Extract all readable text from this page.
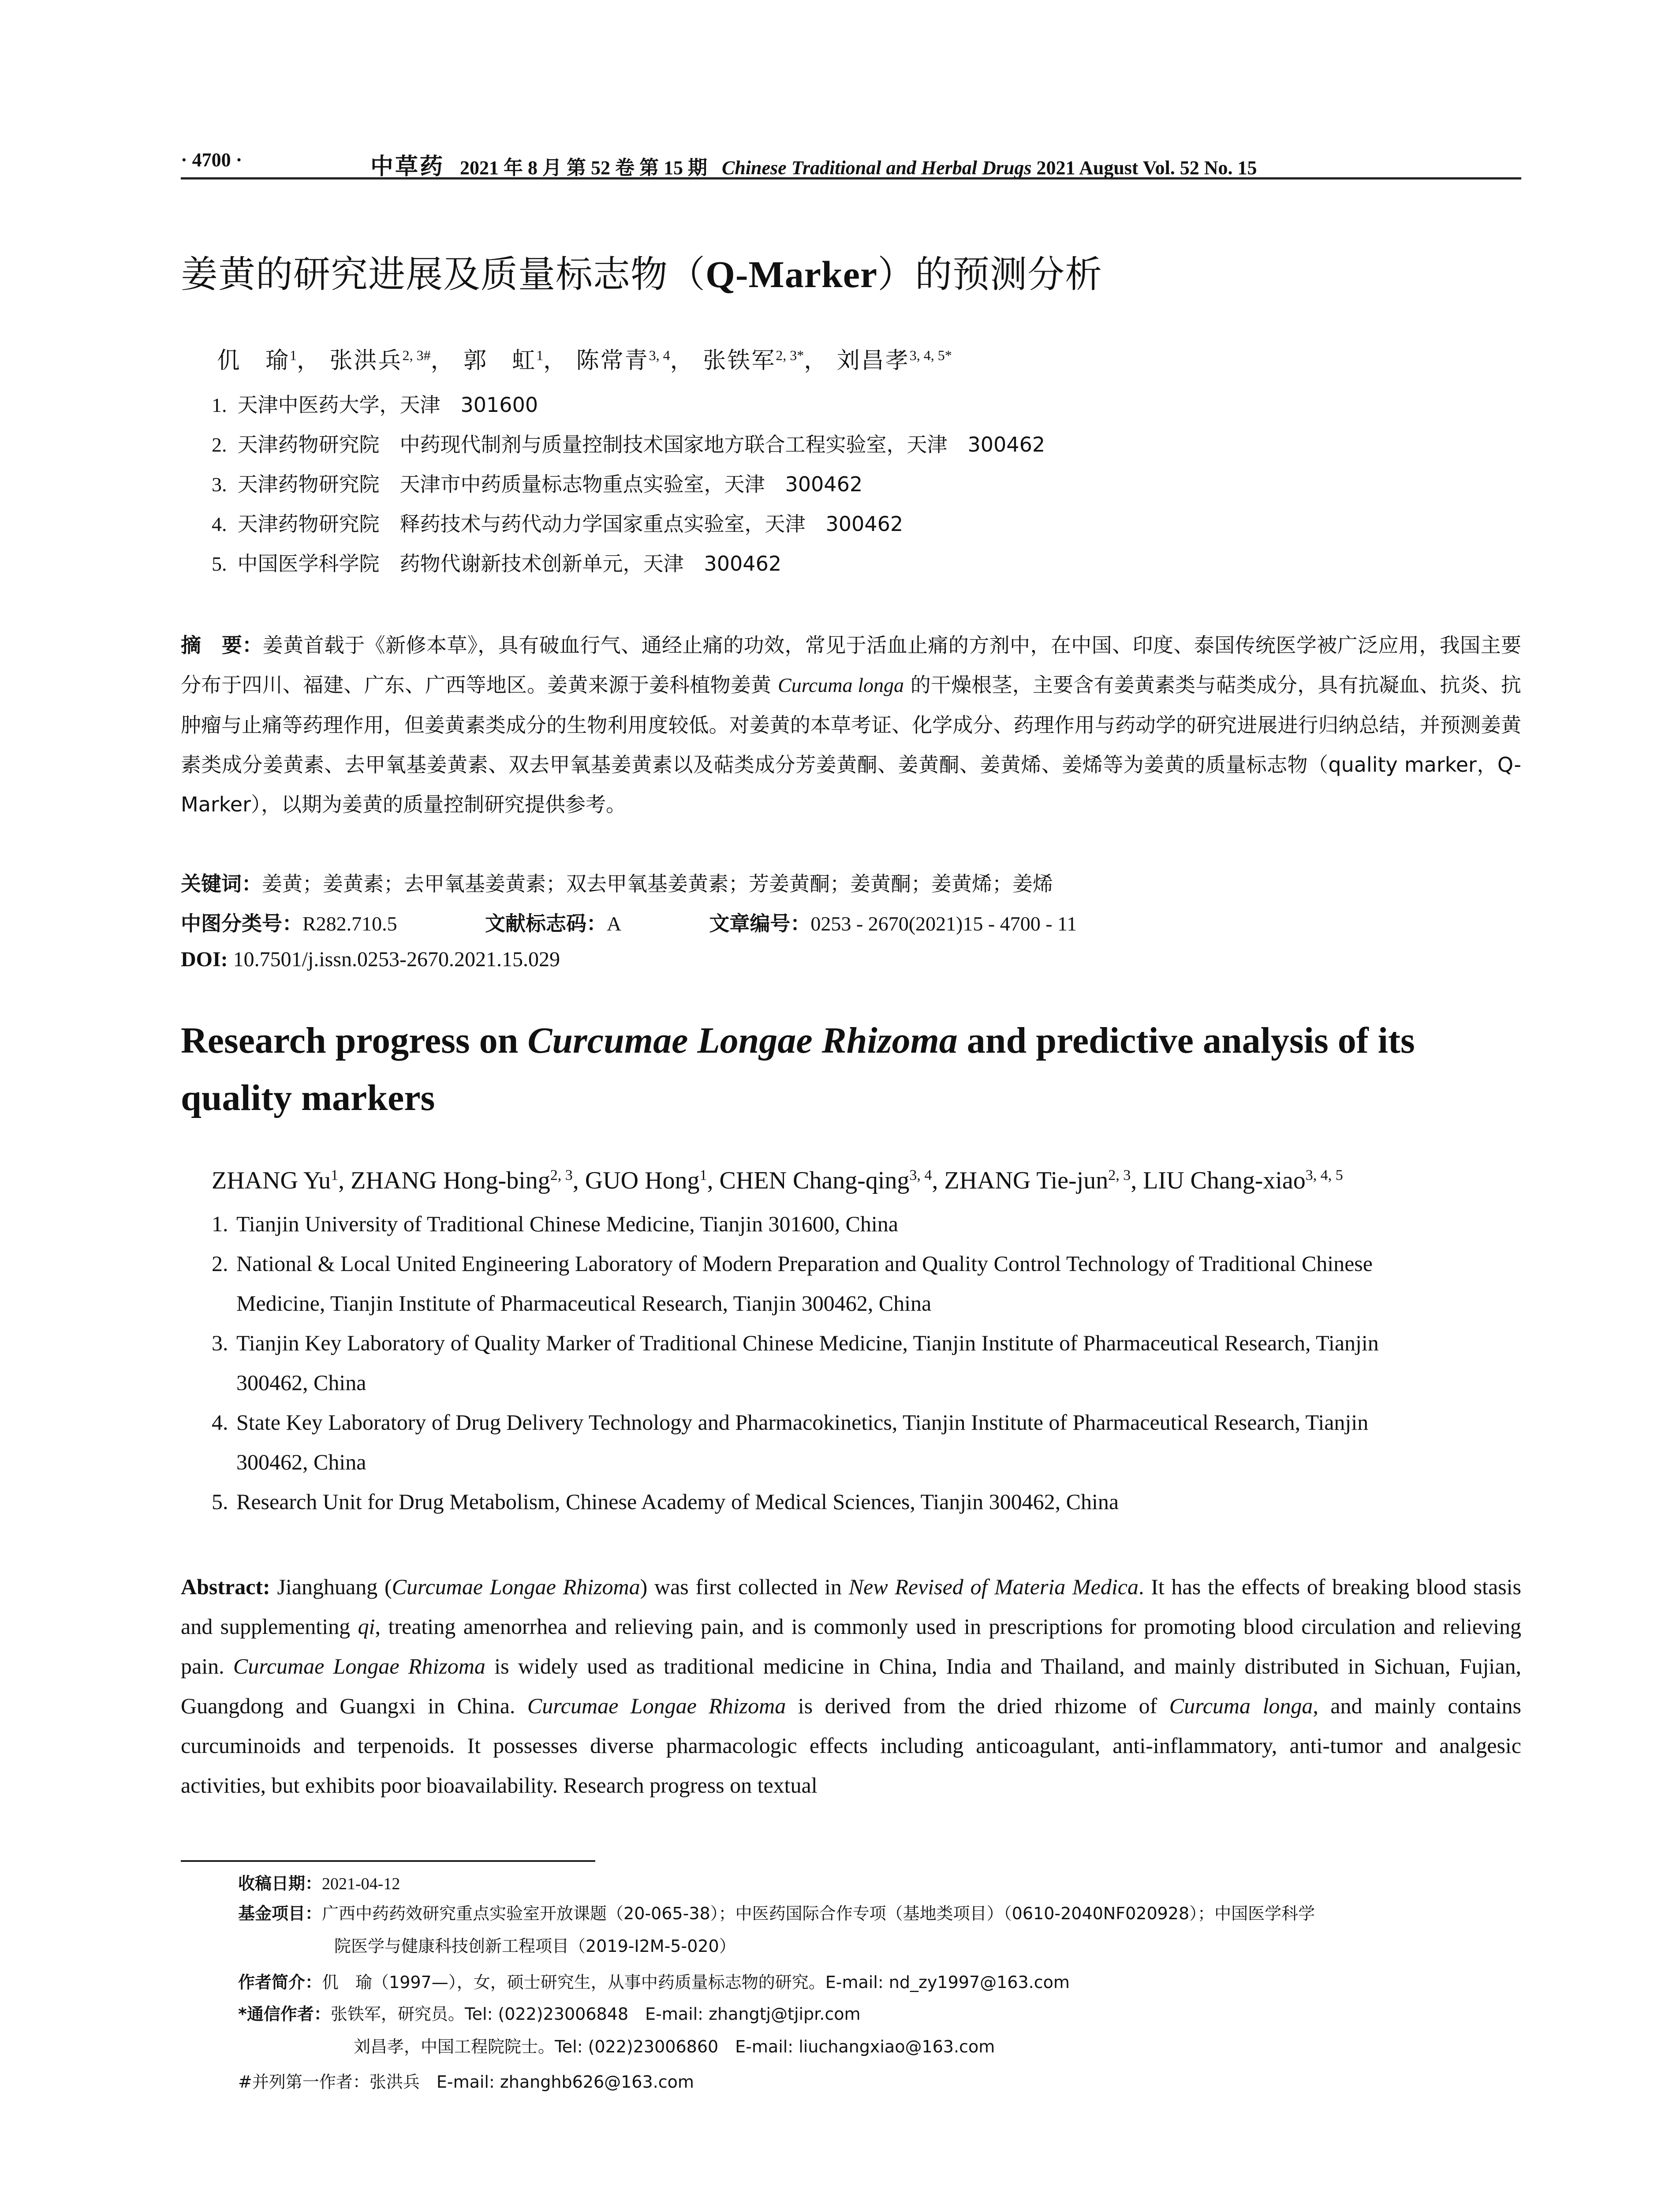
· 4700 ·	中草药 2021 年 8 月 第 52 卷 第 15 期 Chinese Traditional and Herbal Drugs 2021 August Vol. 52 No. 15
姜黄的研究进展及质量标志物（Q-Marker）的预测分析
仉　瑜$^1$， 张洪兵$^{2, 3\#}$， 郭　虹$^1$， 陈常青$^{3, 4}$， 张铁军$^{2, 3*}$， 刘昌孝$^{3, 4, 5*}$
1. 天津中医药大学，天津　301600
2. 天津药物研究院　中药现代制剂与质量控制技术国家地方联合工程实验室，天津　300462
3. 天津药物研究院　天津市中药质量标志物重点实验室，天津　300462
4. 天津药物研究院　释药技术与药代动力学国家重点实验室，天津　300462
5. 中国医学科学院　药物代谢新技术创新单元，天津　300462
摘　要：姜黄首载于《新修本草》，具有破血行气、通经止痛的功效，常见于活血止痛的方剂中，在中国、印度、泰国传统医学被广泛应用，我国主要分布于四川、福建、广东、广西等地区。姜黄来源于姜科植物姜黄 Curcuma longa 的干燥根茎，主要含有姜黄素类与萜类成分，具有抗凝血、抗炎、抗肿瘤与止痛等药理作用，但姜黄素类成分的生物利用度较低。对姜黄的本草考证、化学成分、药理作用与药动学的研究进展进行归纳总结，并预测姜黄素类成分姜黄素、去甲氧基姜黄素、双去甲氧基姜黄素以及萜类成分芳姜黄酮、姜黄酮、姜黄烯、姜烯等为姜黄的质量标志物（quality marker，Q-Marker），以期为姜黄的质量控制研究提供参考。
关键词：姜黄；姜黄素；去甲氧基姜黄素；双去甲氧基姜黄素；芳姜黄酮；姜黄酮；姜黄烯；姜烯
中图分类号：R282.710.5	文献标志码：A	文章编号：0253 - 2670(2021)15 - 4700 - 11
DOI: 10.7501/j.issn.0253-2670.2021.15.029
Research progress on Curcumae Longae Rhizoma and predictive analysis of its quality markers
ZHANG Yu$^1$, ZHANG Hong-bing$^{2, 3}$, GUO Hong$^1$, CHEN Chang-qing$^{3, 4}$, ZHANG Tie-jun$^{2, 3}$, LIU Chang-xiao$^{3, 4, 5}$
1. Tianjin University of Traditional Chinese Medicine, Tianjin 301600, China
2. National & Local United Engineering Laboratory of Modern Preparation and Quality Control Technology of Traditional Chinese
Medicine, Tianjin Institute of Pharmaceutical Research, Tianjin 300462, China
3. Tianjin Key Laboratory of Quality Marker of Traditional Chinese Medicine, Tianjin Institute of Pharmaceutical Research, Tianjin
300462, China
4. State Key Laboratory of Drug Delivery Technology and Pharmacokinetics, Tianjin Institute of Pharmaceutical Research, Tianjin
300462, China
5. Research Unit for Drug Metabolism, Chinese Academy of Medical Sciences, Tianjin 300462, China
Abstract: Jianghuang (Curcumae Longae Rhizoma) was first collected in New Revised of Materia Medica. It has the effects of breaking blood stasis and supplementing qi, treating amenorrhea and relieving pain, and is commonly used in prescriptions for promoting blood circulation and relieving pain. Curcumae Longae Rhizoma is widely used as traditional medicine in China, India and Thailand, and mainly distributed in Sichuan, Fujian, Guangdong and Guangxi in China. Curcumae Longae Rhizoma is derived from the dried rhizome of Curcuma longa, and mainly contains curcuminoids and terpenoids. It possesses diverse pharmacologic effects including anticoagulant, anti-inflammatory, anti-tumor and analgesic activities, but exhibits poor bioavailability. Research progress on textual
收稿日期：2021-04-12
基金项目：广西中药药效研究重点实验室开放课题（20-065-38）；中医药国际合作专项（基地类项目）（0610-2040NF020928）；中国医学科学
院医学与健康科技创新工程项目（2019-I2M-5-020）
作者简介：仉　瑜（1997—），女，硕士研究生，从事中药质量标志物的研究。E-mail: nd_zy1997@163.com
*通信作者：张铁军，研究员。Tel: (022)23006848　E-mail: zhangtj@tjipr.com
刘昌孝，中国工程院院士。Tel: (022)23006860　E-mail: liuchangxiao@163.com
#并列第一作者：张洪兵　E-mail: zhanghb626@163.com
